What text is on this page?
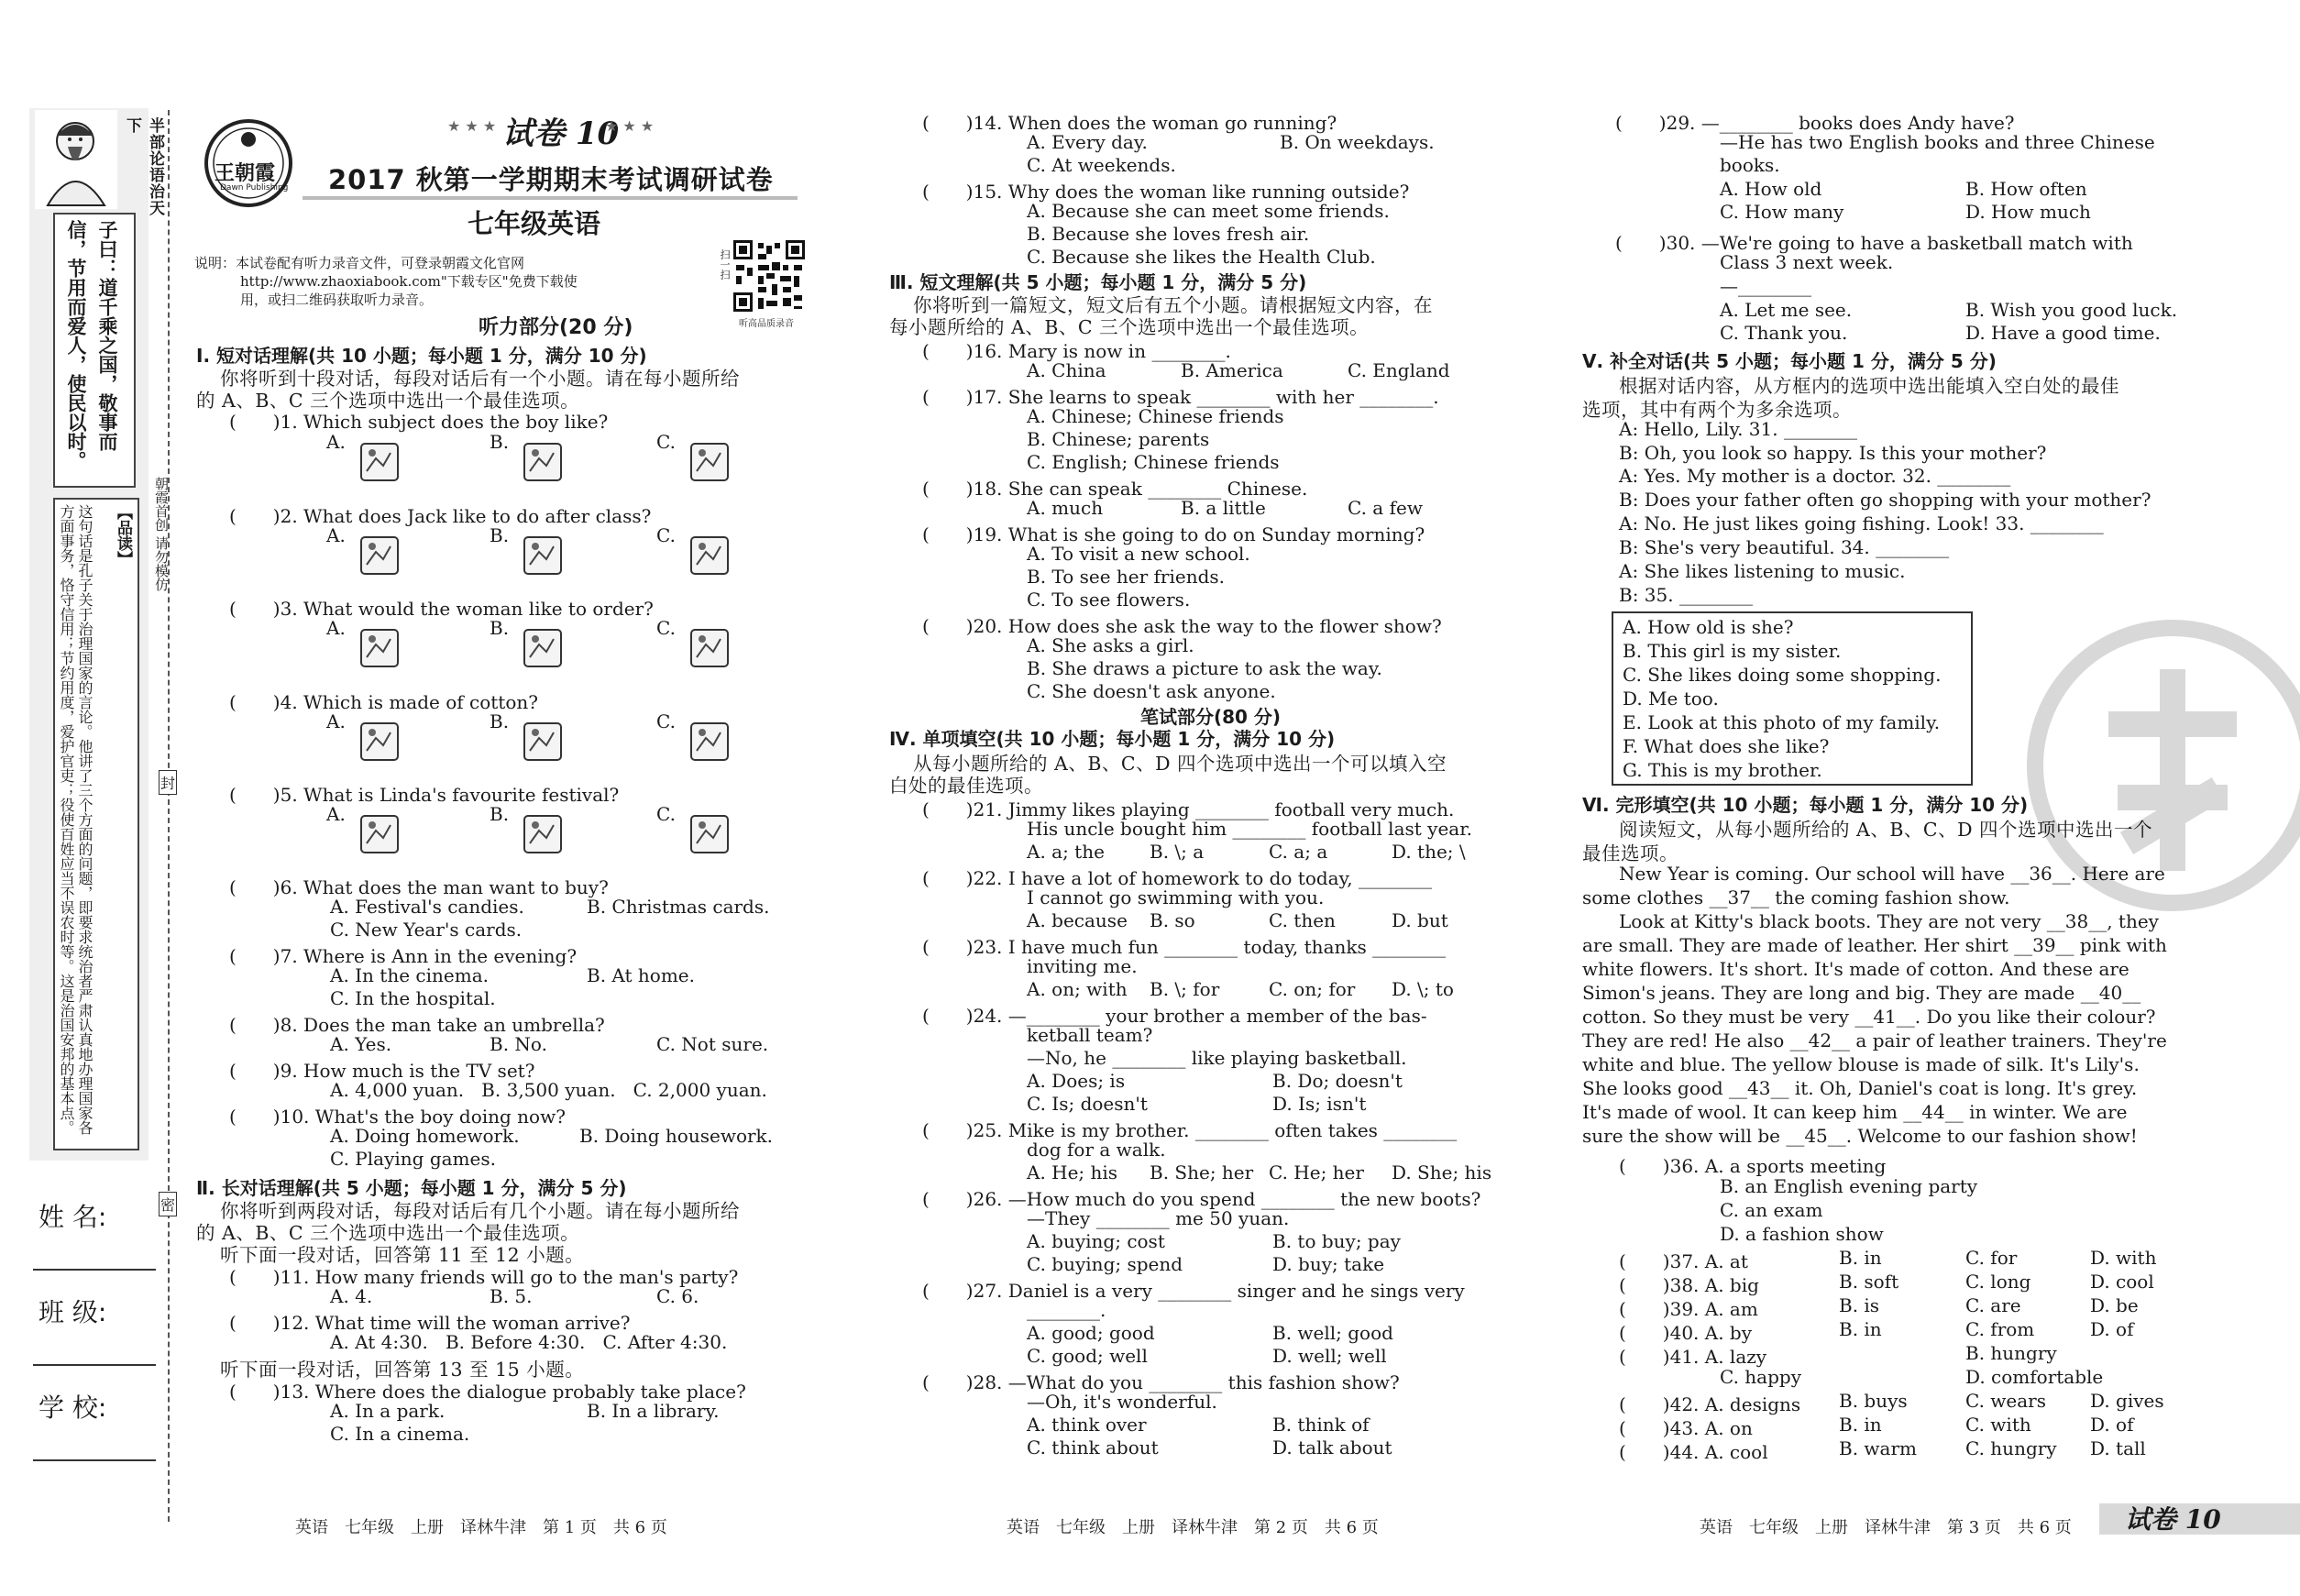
半部论语治天下
子曰：道千乘之国，敬事而信，节用而爱人，使民以时。
【品读】
这句话是孔子关于治理国家的言论。他讲了三个方面的问题，即要求统治者严肃认真地办理国家各方面事务，恪守信用；节约用度，爱护官吏；役使百姓应当不误农时等。这是治国安邦的基本点。	朝霞首创 请勿模仿
封
密
姓 名:
班 级:
学 校:
王朝霞
Dawn Publishing
★ ★ ★ 试卷 10
★ ★ ★
2017 秋第一学期期末考试调研试卷
七年级英语
说明：本试卷配有听力录音文件，可登录朝霞文化官网
http://www.zhaoxiabook.com"下载专区"免费下载使
用，或扫二维码获取听力录音。
扫一扫
听高品质录音
听力部分(20 分)
Ⅰ. 短对话理解(共 10 小题；每小题 1 分，满分 10 分)
你将听到十段对话，每段对话后有一个小题。请在每小题所给
的 A、B、C 三个选项中选出一个最佳选项。
(　　)1. Which subject does the boy like?
A.	B.	C.
(　　)2. What does Jack like to do after class?
A.	B.	C.
(　　)3. What would the woman like to order?
A.	B.	C.
(　　)4. Which is made of cotton?
A.	B.	C.
(　　)5. What is Linda's favourite festival?
A.	B.	C.
(　　)6. What does the man want to buy?
A. Festival's candies.	B. Christmas cards.
C. New Year's cards.
(　　)7. Where is Ann in the evening?
A. In the cinema.	B. At home.
C. In the hospital.
(　　)8. Does the man take an umbrella?
A. Yes.	B. No.	C. Not sure.
(　　)9. How much is the TV set?
A. 4,000 yuan.   B. 3,500 yuan.   C. 2,000 yuan.
(　　)10. What's the boy doing now?
A. Doing homework.	B. Doing housework.
C. Playing games.
Ⅱ. 长对话理解(共 5 小题；每小题 1 分，满分 5 分)
你将听到两段对话，每段对话后有几个小题。请在每小题所给
的 A、B、C 三个选项中选出一个最佳选项。
听下面一段对话，回答第 11 至 12 小题。
(　　)11. How many friends will go to the man's party?
A. 4.	B. 5.	C. 6.
(　　)12. What time will the woman arrive?
A. At 4:30.   B. Before 4:30.   C. After 4:30.
听下面一段对话，回答第 13 至 15 小题。
(　　)13. Where does the dialogue probably take place?
A. In a park.	B. In a library.
C. In a cinema.
(　　)14. When does the woman go running?
A. Every day.	B. On weekdays.
C. At weekends.
(　　)15. Why does the woman like running outside?
A. Because she can meet some friends.
B. Because she loves fresh air.
C. Because she likes the Health Club.
Ⅲ. 短文理解(共 5 小题；每小题 1 分，满分 5 分)
你将听到一篇短文，短文后有五个小题。请根据短文内容，在
每小题所给的 A、B、C 三个选项中选出一个最佳选项。
(　　)16. Mary is now in ________.
A. China	B. America	C. England
(　　)17. She learns to speak ________ with her ________.
A. Chinese; Chinese friends
B. Chinese; parents
C. English; Chinese friends
(　　)18. She can speak ________ Chinese.
A. much	B. a little	C. a few
(　　)19. What is she going to do on Sunday morning?
A. To visit a new school.
B. To see her friends.
C. To see flowers.
(　　)20. How does she ask the way to the flower show?
A. She asks a girl.
B. She draws a picture to ask the way.
C. She doesn't ask anyone.
笔试部分(80 分)
Ⅳ. 单项填空(共 10 小题；每小题 1 分，满分 10 分)
从每小题所给的 A、B、C、D 四个选项中选出一个可以填入空
白处的最佳选项。
(　　)21. Jimmy likes playing ________ football very much.
His uncle bought him ________ football last year.
A. a; the B. \; a	C. a; a	D. the; \
(　　)22. I have a lot of homework to do today, ________
I cannot go swimming with you.
A. because B. so	C. then	D. but
(　　)23. I have much fun ________ today, thanks ________
inviting me.
A. on; with B. \; for	C. on; for D. \; to
(　　)24. —________ your brother a member of the bas-
ketball team?
—No, he ________ like playing basketball.
A. Does; is	B. Do; doesn't
C. Is; doesn't	D. Is; isn't
(　　)25. Mike is my brother. ________ often takes ________
dog for a walk.
A. He; his B. She; her C. He; her D. She; his
(　　)26. —How much do you spend ________ the new boots?
—They ________ me 50 yuan.
A. buying; cost	B. to buy; pay
C. buying; spend	D. buy; take
(　　)27. Daniel is a very ________ singer and he sings very
________.
A. good; good	B. well; good
C. good; well	D. well; well
(　　)28. —What do you ________ this fashion show?
—Oh, it's wonderful.
A. think over	B. think of
C. think about	D. talk about
(　　)29. —________ books does Andy have?
—He has two English books and three Chinese
books.
A. How old	B. How often
C. How many	D. How much
(　　)30. —We're going to have a basketball match with
Class 3 next week.
—________
A. Let me see.	B. Wish you good luck.
C. Thank you.	D. Have a good time.
Ⅴ. 补全对话(共 5 小题；每小题 1 分，满分 5 分)
根据对话内容，从方框内的选项中选出能填入空白处的最佳
选项，其中有两个为多余选项。
A: Hello, Lily. 31. ________
B: Oh, you look so happy. Is this your mother?
A: Yes. My mother is a doctor. 32. ________
B: Does your father often go shopping with your mother?
A: No. He just likes going fishing. Look! 33. ________
B: She's very beautiful. 34. ________
A: She likes listening to music.
B: 35. ________
A. How old is she?
B. This girl is my sister.
C. She likes doing some shopping.
D. Me too.
E. Look at this photo of my family.
F. What does she like?
G. This is my brother.
Ⅵ. 完形填空(共 10 小题；每小题 1 分，满分 10 分)
阅读短文，从每小题所给的 A、B、C、D 四个选项中选出一个
最佳选项。
New Year is coming. Our school will have __36__. Here are
some clothes __37__ the coming fashion show.
Look at Kitty's black boots. They are not very __38__, they
are small. They are made of leather. Her shirt __39__ pink with
white flowers. It's short. It's made of cotton. And these are
Simon's jeans. They are long and big. They are made __40__
cotton. So they must be very __41__. Do you like their colour?
They are red! He also __42__ a pair of leather trainers. They're
white and blue. The yellow blouse is made of silk. It's Lily's.
She looks good __43__ it. Oh, Daniel's coat is long. It's grey.
It's made of wool. It can keep him __44__ in winter. We are
sure the show will be __45__. Welcome to our fashion show!
(　　)36. A. a sports meeting
B. an English evening party
C. an exam
D. a fashion show
(　　)37. A. at	B. in	C. for	D. with
(　　)38. A. big	B. soft	C. long	D. cool
(　　)39. A. am	B. is	C. are	D. be
(　　)40. A. by	B. in	C. from	D. of
(　　)41. A. lazy	B. hungry
C. happy	D. comfortable
(　　)42. A. designs B. buys	C. wears D. gives
(　　)43. A. on	B. in	C. with	D. of
(　　)44. A. cool	B. warm	C. hungry D. tall
英语　七年级　上册　译林牛津　第 1 页　共 6 页	英语　七年级　上册　译林牛津　第 2 页　共 6 页	英语　七年级　上册　译林牛津　第 3 页　共 6 页 试卷 10
